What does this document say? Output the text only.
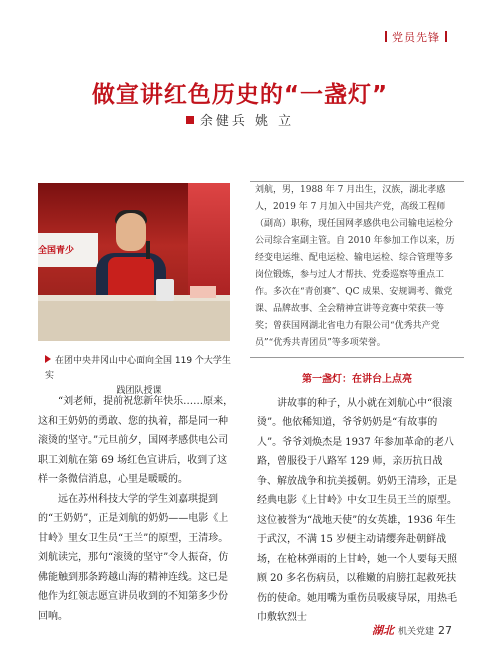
党员先锋
做宣讲红色历史的“一盏灯”
余健兵 姚 立
全国青少
在团中央井冈山中心面向全国 119 个大学生实
践团队授课
刘航，男，1988 年 7 月出生，汉族，湖北孝感人，2019 年 7 月加入中国共产党，高级工程师（副高）职称，现任国网孝感供电公司输电运检分公司综合室副主管。自 2010 年参加工作以来，历经变电运维、配电运检、输电运检、综合管理等多岗位锻炼，参与过人才帮扶、党委巡察等重点工作。多次在“青创赛”、QC 成果、安规调考、微党课、品牌故事、全会精神宣讲等竞赛中荣获一等奖；曾获国网湖北省电力有限公司“优秀共产党员”“优秀共青团员”等多项荣誉。

“刘老师，提前祝您新年快乐……原来，这和王奶奶的勇敢、您的执着，都是同一种滚烫的坚守。”元旦前夕，国网孝感供电公司职工刘航在第 69 场红色宣讲后，收到了这样一条微信消息，心里是暖暖的。

远在苏州科技大学的学生刘嘉琪提到的“王奶奶”，正是刘航的奶奶——电影《上甘岭》里女卫生员“王兰”的原型，王清珍。刘航读完，那句“滚烫的坚守”令人振奋，仿佛能触到那条跨越山海的精神连线。这已是他作为红领志愿宣讲员收到的不知第多少份回响。

第一盏灯：在讲台上点亮

讲故事的种子，从小就在刘航心中“很滚烫”。他依稀知道，爷爷奶奶是“有故事的人”。爷爷刘焕杰是 1937 年参加革命的老八路，曾服役于八路军 129 师，亲历抗日战争、解放战争和抗美援朝。奶奶王清珍，正是经典电影《上甘岭》中女卫生员王兰的原型。这位被誉为“战地天使”的女英雄，1936 年生于武汉，不满 15 岁便主动请缨奔赴朝鲜战场，在枪林弹雨的上甘岭，她一个人要每天照顾 20 多名伤病员，以稚嫩的肩膀扛起救死扶伤的使命。她用嘴为重伤员吸痰导尿，用热毛巾敷软烈士

湖北 机关党建 27
